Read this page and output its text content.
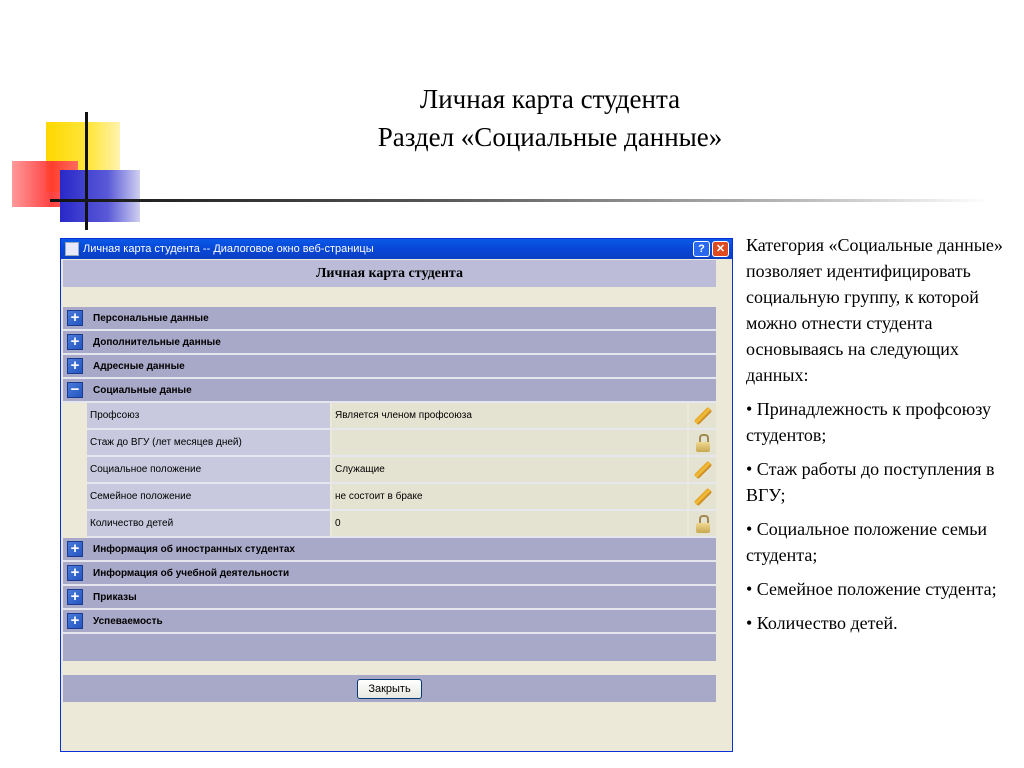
Личная карта студента
Раздел «Социальные данные»
Личная карта студента -- Диалоговое окно веб-страницы	?	✕
Личная карта студента
+	Персональные данные
+	Дополнительные данные
+	Адресные данные
−	Социальные даные
Профсоюз	Является членом профсоюза
Стаж до ВГУ (лет месяцев дней)
Социальное положение	Служащие
Семейное положение	не состоит в браке
Количество детей	0
+	Информация об иностранных студентах
+	Информация об учебной деятельности
+	Приказы
+	Успеваемость
Закрыть

Категория «Социальные данные» позволяет идентифицировать социальную группу, к которой можно отнести студента основываясь на следующих данных:

• Принадлежность к профсоюзу студентов;

• Стаж работы до поступления в ВГУ;

• Социальное положение семьи студента;

• Семейное положение студента;

• Количество детей.
